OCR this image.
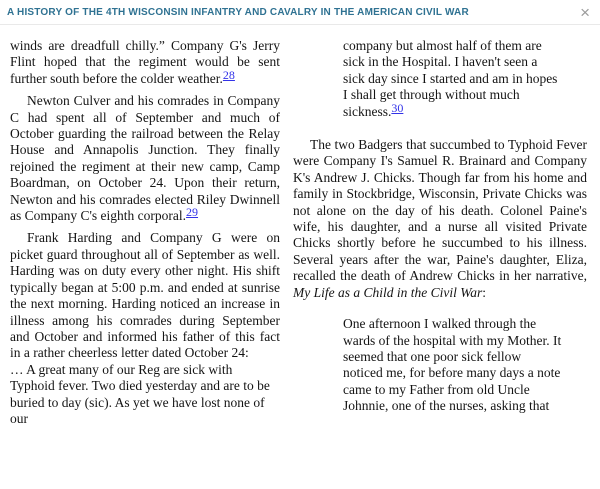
A HISTORY OF THE 4TH WISCONSIN INFANTRY AND CAVALRY IN THE AMERICAN CIVIL WAR	×

winds are dreadfull chilly.” Company G's Jerry Flint hoped that the regiment would be sent further south before the colder weather.28

Newton Culver and his comrades in Company C had spent all of September and much of October guarding the railroad between the Relay House and Annapolis Junction. They finally rejoined the regiment at their new camp, Camp Boardman, on October 24. Upon their return, Newton and his comrades elected Riley Dwinnell as Company C's eighth corporal.29

Frank Harding and Company G were on picket guard throughout all of September as well. Harding was on duty every other night. His shift typically began at 5:00 p.m. and ended at sunrise the next morning. Harding noticed an increase in illness among his comrades during September and October and informed his father of this fact in a rather cheerless letter dated October 24:

… A great many of our Reg are sick with Typhoid fever. Two died yesterday and are to be buried to day (sic). As yet we have lost none of our

company but almost half of them are sick in the Hospital. I haven't seen a sick day since I started and am in hopes I shall get through without much sickness.30

The two Badgers that succumbed to Typhoid Fever were Company I's Samuel R. Brainard and Company K's Andrew J. Chicks. Though far from his home and family in Stockbridge, Wisconsin, Private Chicks was not alone on the day of his death. Colonel Paine's wife, his daughter, and a nurse all visited Private Chicks shortly before he succumbed to his illness. Several years after the war, Paine's daughter, Eliza, recalled the death of Andrew Chicks in her narrative, My Life as a Child in the Civil War:

One afternoon I walked through the wards of the hospital with my Mother. It seemed that one poor sick fellow noticed me, for before many days a note came to my Father from old Uncle Johnnie, one of the nurses, asking that
